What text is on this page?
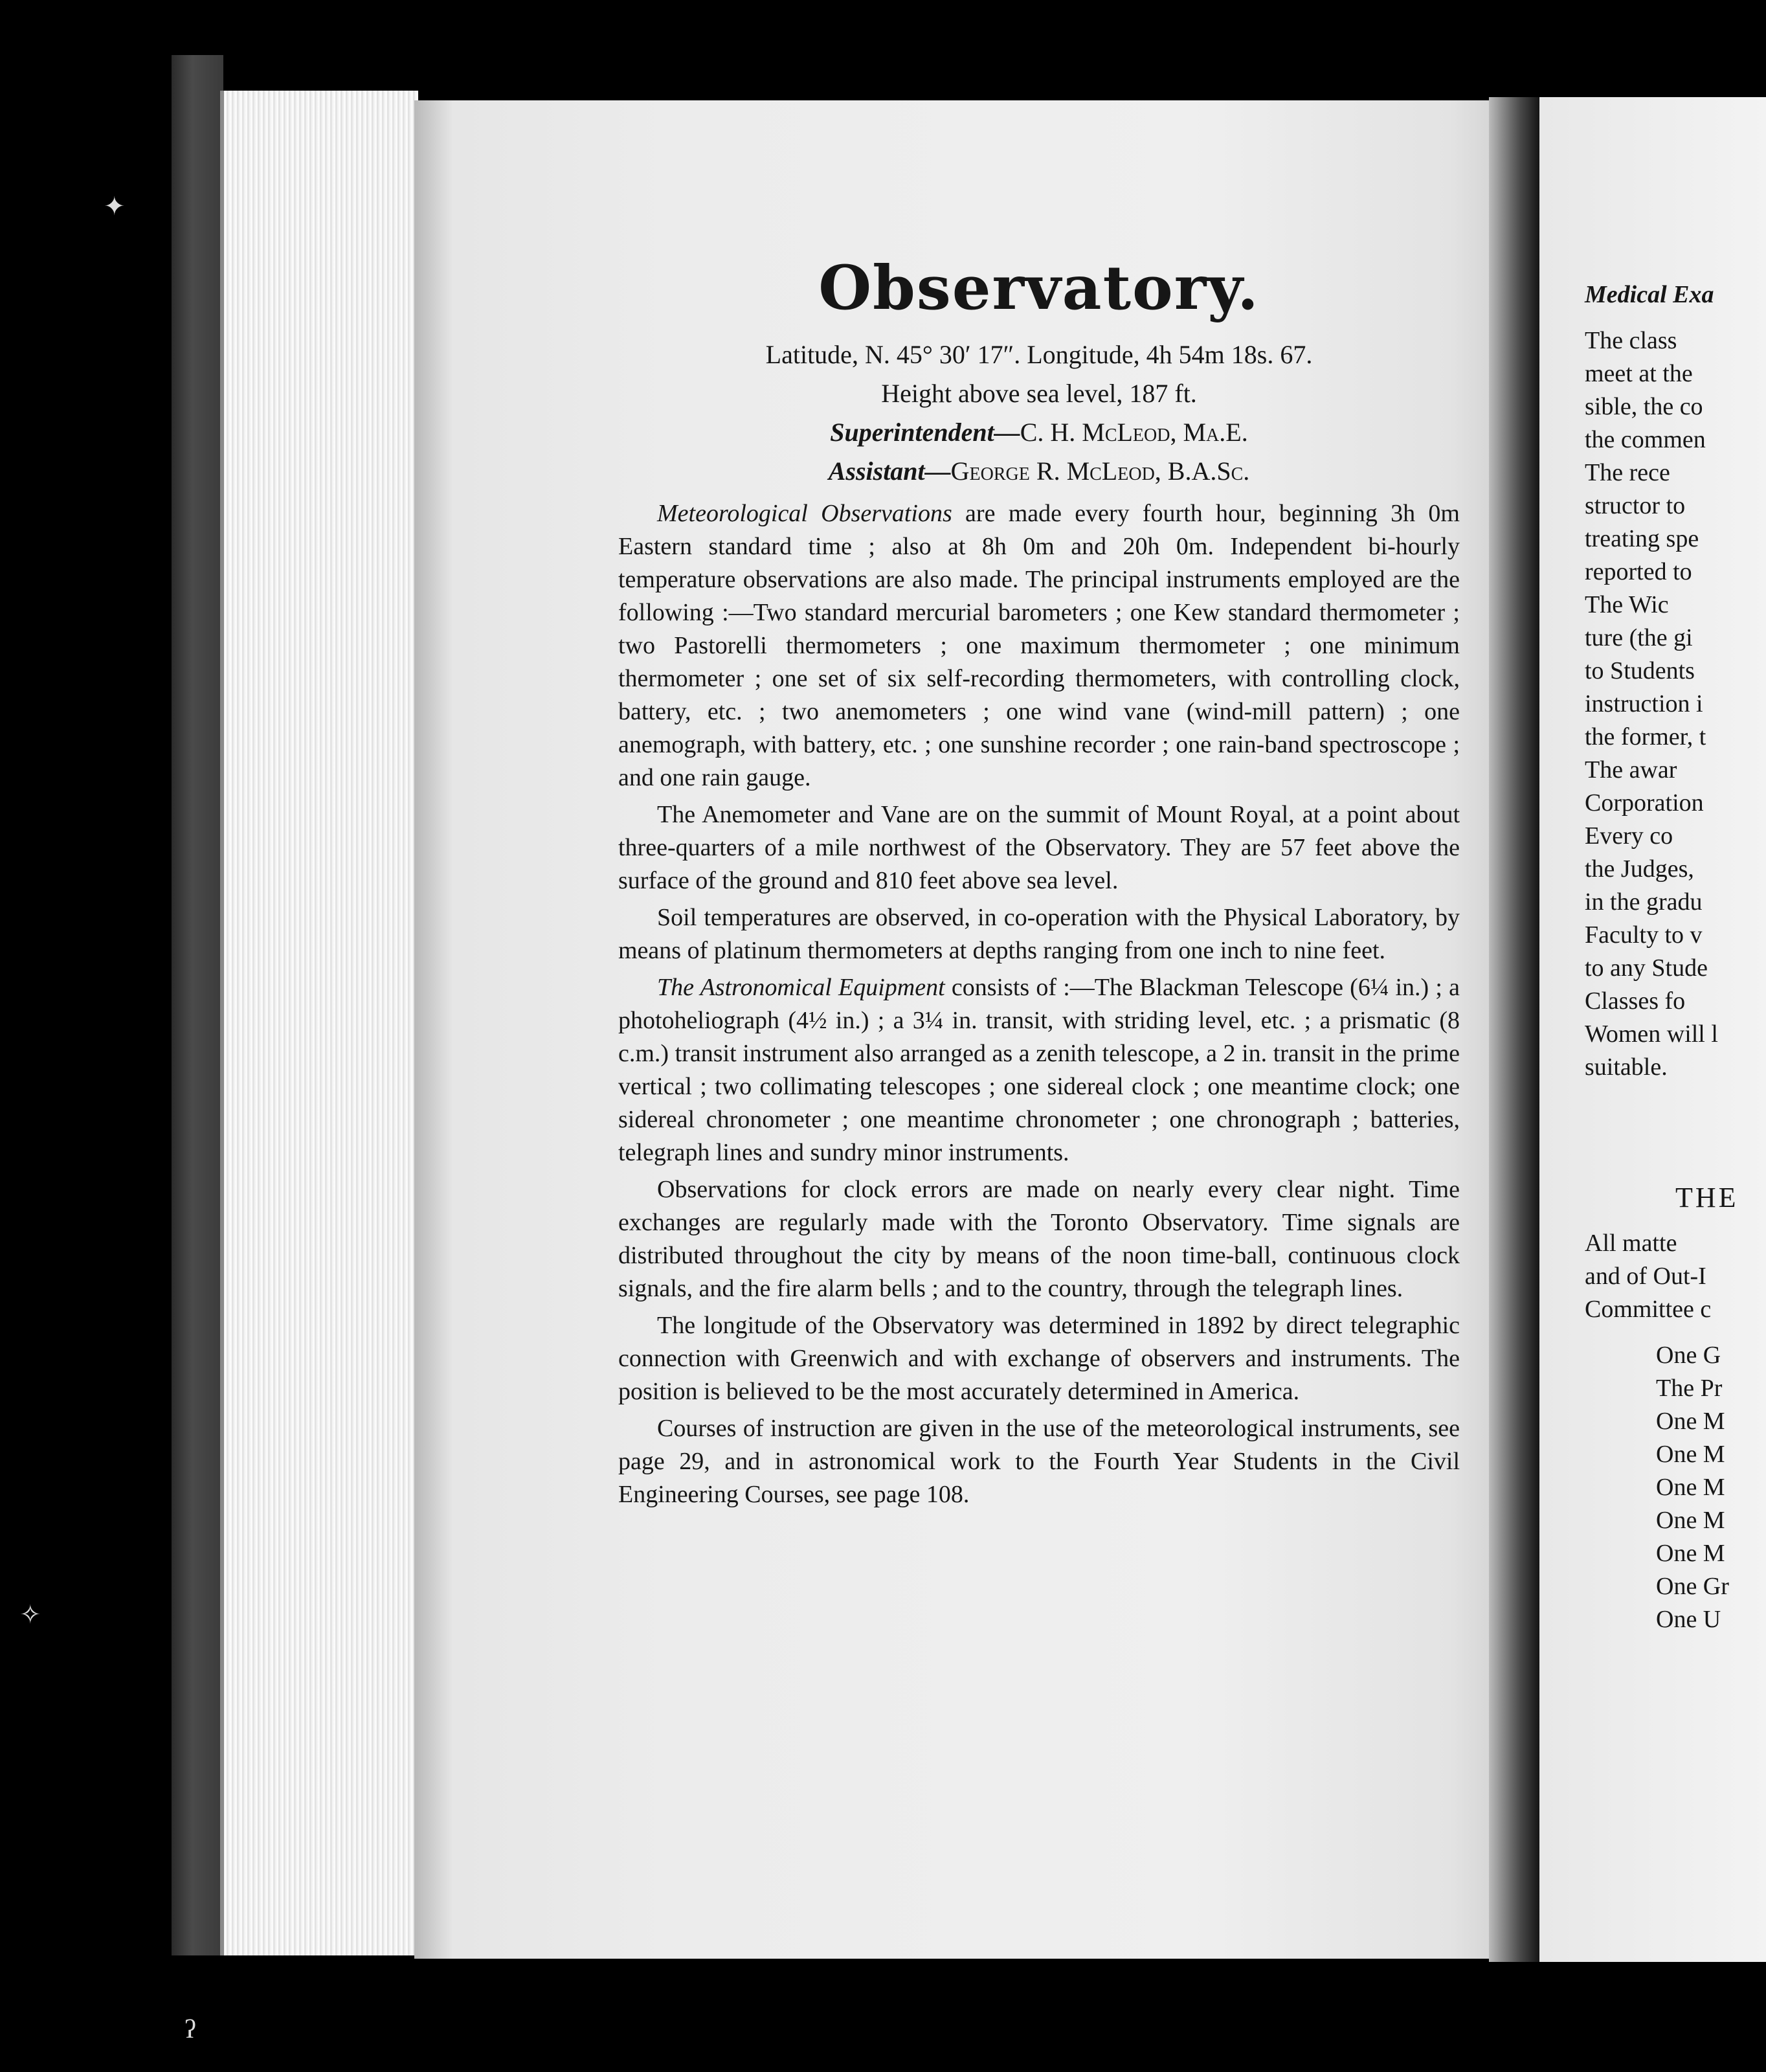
Medical Exa

The class

meet at the

sible, the co

the commen

The rece

structor to

treating spe

reported to

The Wic

ture (the gi

to Students

instruction i

the former, t

The awar

Corporation

Every co

the Judges,

in the gradu

Faculty to v

to any Stude

Classes fo

Women will l

suitable.

THE

All matte

and of Out-I

Committee c

One G

The Pr

One M

One M

One M

One M

One M

One Gr

One U

✦
✧
ʔ
Observatory.

Latitude, N. 45° 30′ 17″. Longitude, 4h 54m 18s. 67.

Height above sea level, 187 ft.

Superintendent—C. H. McLeod, Ma.E.

Assistant—George R. McLeod, B.A.Sc.

Meteorological Observations are made every fourth hour, beginning 3h 0m Eastern standard time ; also at 8h 0m and 20h 0m. Independent bi-hourly temperature observations are also made. The principal instruments employed are the following :—Two standard mercurial barometers ; one Kew standard thermometer ; two Pastorelli thermometers ; one maximum thermometer ; one minimum thermometer ; one set of six self-recording thermometers, with controlling clock, battery, etc. ; two anemometers ; one wind vane (wind-mill pattern) ; one anemograph, with battery, etc. ; one sunshine recorder ; one rain-band spectroscope ; and one rain gauge.

The Anemometer and Vane are on the summit of Mount Royal, at a point about three-quarters of a mile northwest of the Observatory. They are 57 feet above the surface of the ground and 810 feet above sea level.

Soil temperatures are observed, in co-operation with the Physical Laboratory, by means of platinum thermometers at depths ranging from one inch to nine feet.

The Astronomical Equipment consists of :—The Blackman Telescope (6¼ in.) ; a photoheliograph (4½ in.) ; a 3¼ in. transit, with striding level, etc. ; a prismatic (8 c.m.) transit instrument also arranged as a zenith telescope, a 2 in. transit in the prime vertical ; two collimating telescopes ; one sidereal clock ; one meantime clock; one sidereal chronometer ; one meantime chronometer ; one chronograph ; batteries, telegraph lines and sundry minor instruments.

Observations for clock errors are made on nearly every clear night. Time exchanges are regularly made with the Toronto Observatory. Time signals are distributed throughout the city by means of the noon time-ball, continuous clock signals, and the fire alarm bells ; and to the country, through the telegraph lines.

The longitude of the Observatory was determined in 1892 by direct telegraphic connection with Greenwich and with exchange of observers and instruments. The position is believed to be the most accurately determined in America.

Courses of instruction are given in the use of the meteorological instruments, see page 29, and in astronomical work to the Fourth Year Students in the Civil Engineering Courses, see page 108.
